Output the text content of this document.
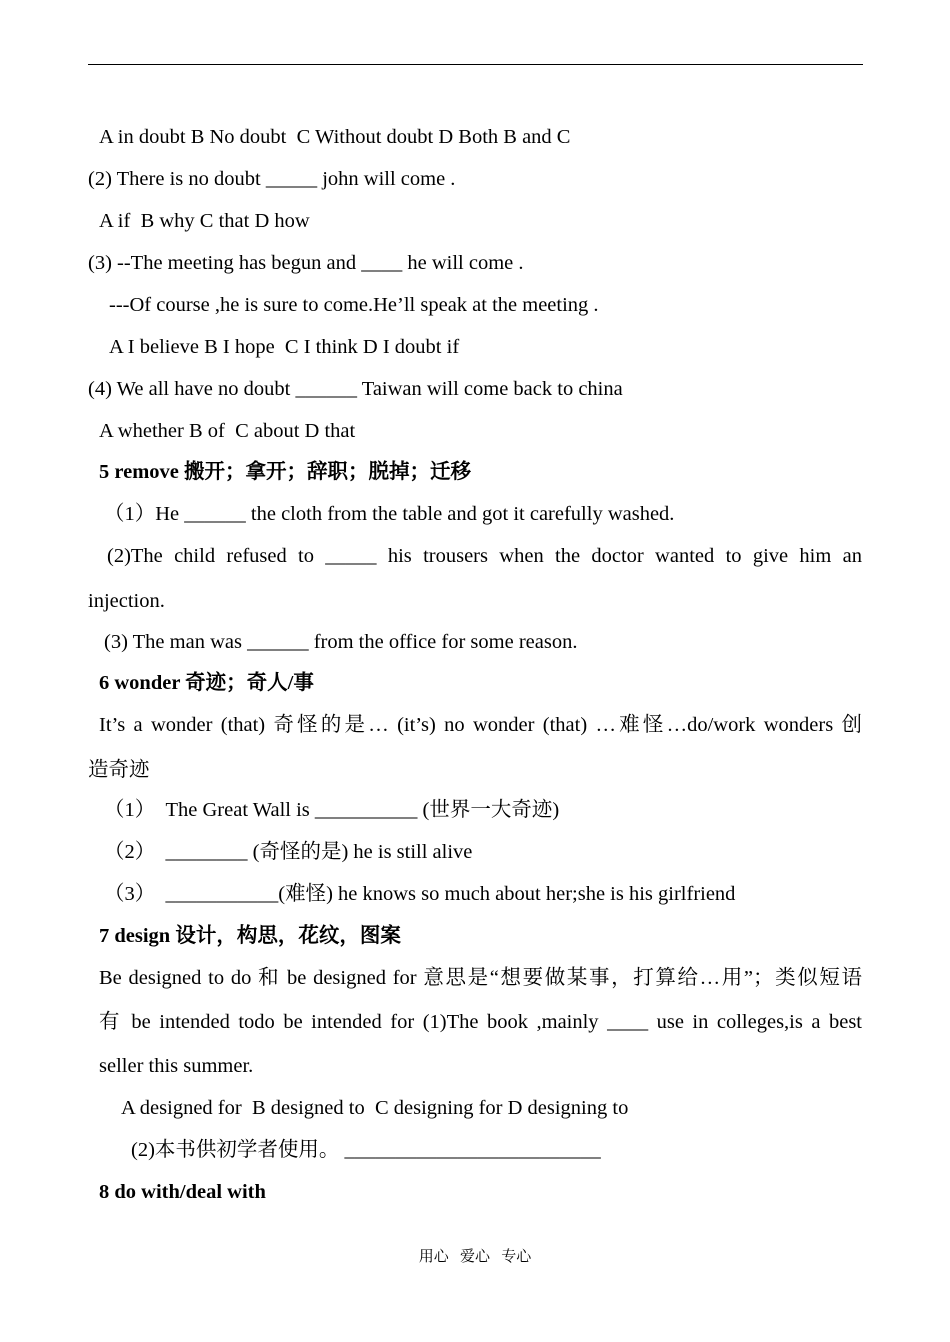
A in doubt B No doubt  C Without doubt D Both B and C
(2) There is no doubt _____ john will come .
A if  B why C that D how
(3) --The meeting has begun and ____ he will come .
---Of course ,he is sure to come.He’ll speak at the meeting .
A I believe B I hope  C I think D I doubt if
(4) We all have no doubt ______ Taiwan will come back to china
A whether B of  C about D that
5 remove 搬开；拿开；辞职；脱掉；迁移
（1）He ______ the cloth from the table and got it carefully washed.
(2)The child refused to _____ his trousers when the doctor wanted to give him an
injection.
(3) The man was ______ from the office for some reason.
6 wonder 奇迹；奇人/事
It’s a wonder (that) 奇怪的是… (it’s) no wonder (that) …难怪…do/work wonders 创
造奇迹
（1）  The Great Wall is __________ (世界一大奇迹)
（2）  ________ (奇怪的是) he is still alive
（3）  ___________(难怪) he knows so much about her;she is his girlfriend
7 design 设计，构思，花纹，图案
Be designed to do 和 be designed for 意思是“想要做某事，打算给…用”；类似短语
有 be intended todo be intended for (1)The book ,mainly ____ use in colleges,is a best
seller this summer.
A designed for  B designed to  C designing for D designing to
(2)本书供初学者使用。 _________________________
8 do with/deal with
用心   爱心   专心
